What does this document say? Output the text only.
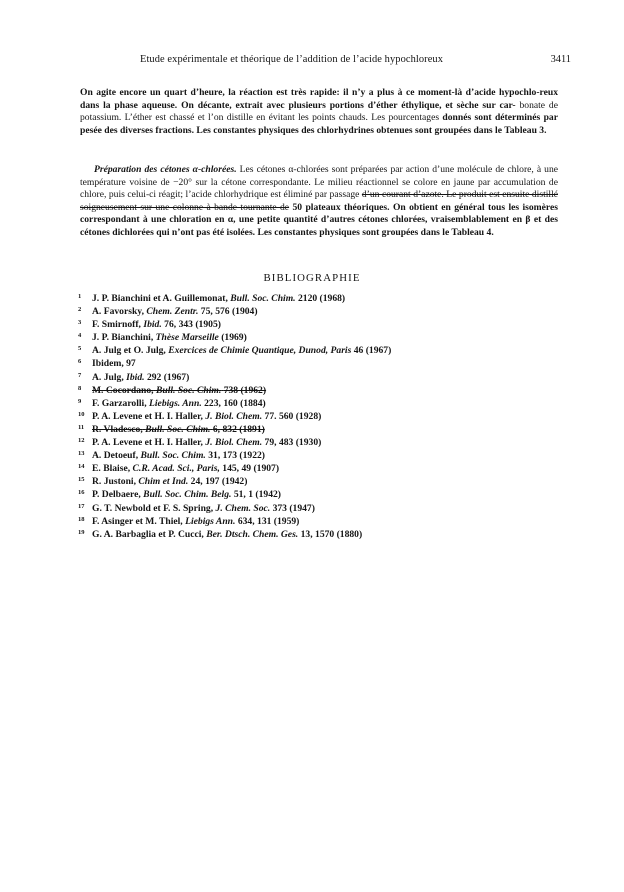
Etude expérimentale et théorique de l’addition de l’acide hypochloreux	3411

On agite encore un quart d’heure, la réaction est très rapide: il n’y a plus à ce moment-là d’acide hypochlo-reux dans la phase aqueuse. On décante, extrait avec plusieurs portions d’éther éthylique, et sèche sur car- bonate de potassium. L’éther est chassé et l’on distille en évitant les points chauds. Les pourcentages donnés sont déterminés par pesée des diverses fractions. Les constantes physiques des chlorhydrines obtenues sont groupées dans le Tableau 3.

Préparation des cétones α-chlorées. Les cétones α-chlorées sont préparées par action d’une molécule de chlore, à une température voisine de −20° sur la cétone correspondante. Le milieu réactionnel se colore en jaune par accumulation de chlore, puis celui-ci réagit; l’acide chlorhydrique est éliminé par passage d’un courant d’azote. Le produit est ensuite distillé soigneusement sur une colonne à bande tournante de 50 plateaux théoriques. On obtient en général tous les isomères correspondant à une chloration en α, une petite quantité d’autres cétones chlorées, vraisemblablement en β et des cétones dichlorées qui n’ont pas été isolées. Les constantes physiques sont groupées dans le Tableau 4.

BIBLIOGRAPHIE
1 J. P. Bianchini et A. Guillemonat, Bull. Soc. Chim. 2120 (1968)
2 A. Favorsky, Chem. Zentr. 75, 576 (1904)
3 F. Smirnoff, Ibid. 76, 343 (1905)
4 J. P. Bianchini, Thèse Marseille (1969)
5 A. Julg et O. Julg, Exercices de Chimie Quantique, Dunod, Paris 46 (1967)
6 Ibidem, 97
7 A. Julg, Ibid. 292 (1967)
8 M. Cocordano, Bull. Soc. Chim. 738 (1962)
9 F. Garzarolli, Liebigs. Ann. 223, 160 (1884)
10 P. A. Levene et H. I. Haller, J. Biol. Chem. 77. 560 (1928)
11 R. Vladesco, Bull. Soc. Chim. 6, 832 (1891)
12 P. A. Levene et H. I. Haller, J. Biol. Chem. 79, 483 (1930)
13 A. Detoeuf, Bull. Soc. Chim. 31, 173 (1922)
14 E. Blaise, C.R. Acad. Sci., Paris, 145, 49 (1907)
15 R. Justoni, Chim et Ind. 24, 197 (1942)
16 P. Delbaere, Bull. Soc. Chim. Belg. 51, 1 (1942)
17 G. T. Newbold et F. S. Spring, J. Chem. Soc. 373 (1947)
18 F. Asinger et M. Thiel, Liebigs Ann. 634, 131 (1959)
19 G. A. Barbaglia et P. Cucci, Ber. Dtsch. Chem. Ges. 13, 1570 (1880)
